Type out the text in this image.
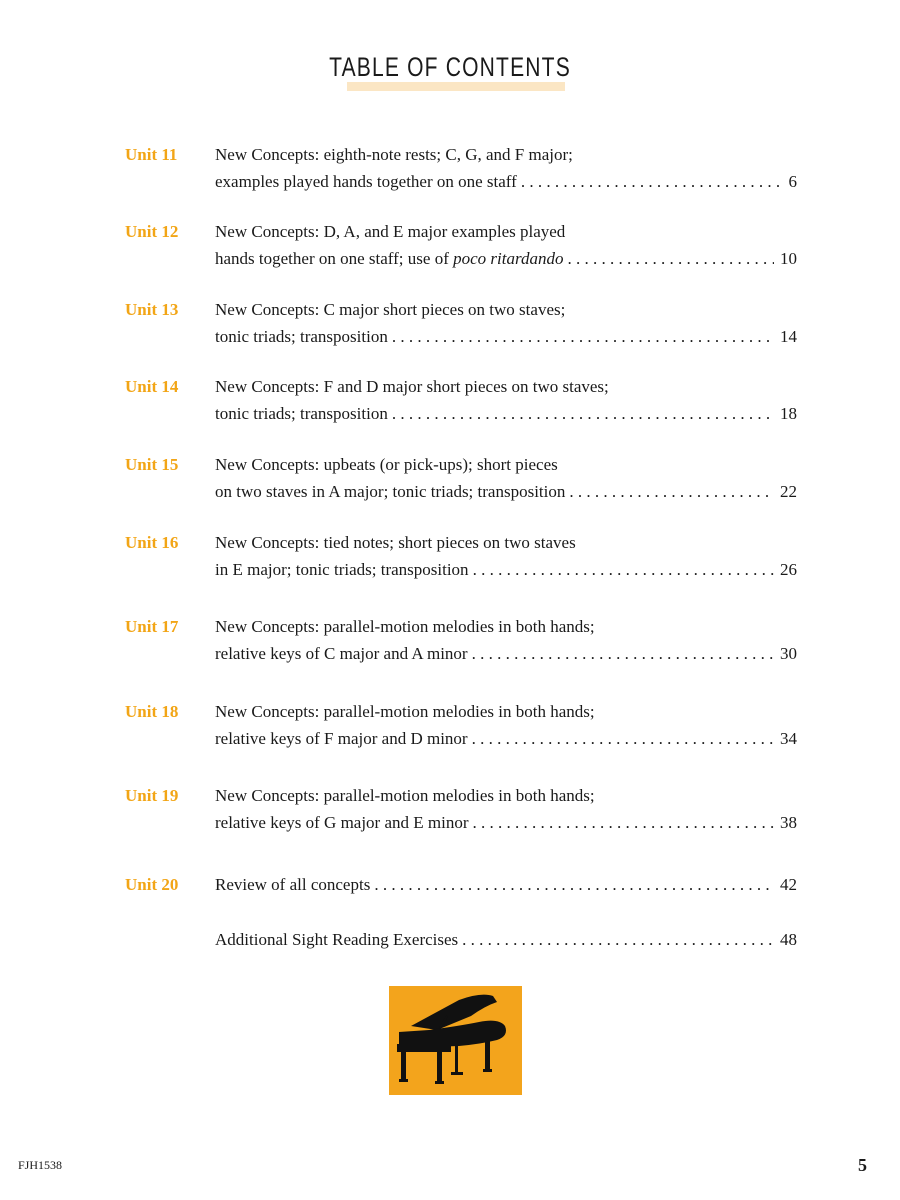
TABLE OF CONTENTS
Unit 11 New Concepts: eighth-note rests; C, G, and F major;
examples played hands together on one staff . . .	6
Unit 12 New Concepts: D, A, and E major examples played
hands together on one staff; use of poco ritardando . . .	10
Unit 13 New Concepts: C major short pieces on two staves;
tonic triads; transposition . . .	14
Unit 14 New Concepts: F and D major short pieces on two staves;
tonic triads; transposition . . .	18
Unit 15 New Concepts: upbeats (or pick-ups); short pieces
on two staves in A major; tonic triads; transposition . . .	22
Unit 16 New Concepts: tied notes; short pieces on two staves
in E major; tonic triads; transposition . . .	26
Unit 17 New Concepts: parallel-motion melodies in both hands;
relative keys of C major and A minor . . .	30
Unit 18 New Concepts: parallel-motion melodies in both hands;
relative keys of F major and D minor . . .	34
Unit 19 New Concepts: parallel-motion melodies in both hands;
relative keys of G major and E minor . . .	38
Unit 20 Review of all concepts . . .	42
Additional Sight Reading Exercises . . .	48
FJH1538	5
